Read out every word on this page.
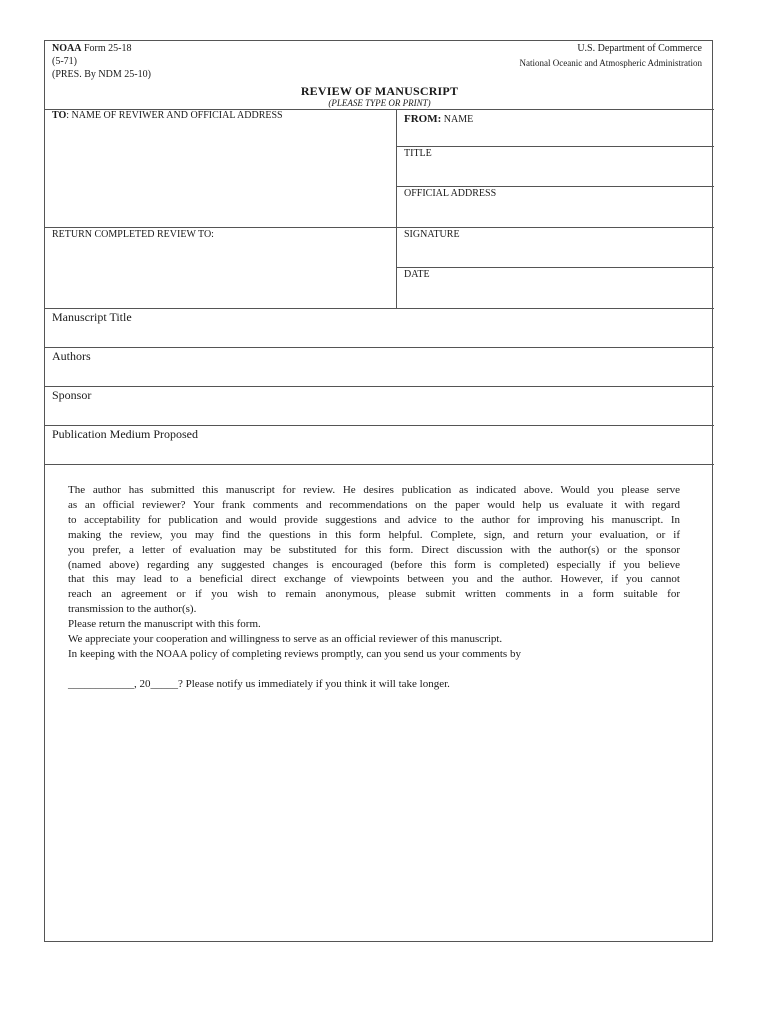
NOAA Form 25-18
(5-71)
(PRES. By NDM 25-10)
U.S. Department of Commerce
National Oceanic and Atmospheric Administration
REVIEW OF MANUSCRIPT
(PLEASE TYPE OR PRINT)
TO: NAME OF REVIWER AND OFFICIAL ADDRESS	FROM: NAME
TITLE
OFFICIAL ADDRESS
RETURN COMPLETED REVIEW TO:	SIGNATURE
DATE
Manuscript Title
Authors
Sponsor
Publication Medium Proposed

The author has submitted this manuscript for review. He desires publication as indicated above. Would you please serve

as an official reviewer? Your frank comments and recommendations on the paper would help us evaluate it with regard

to acceptability for publication and would provide suggestions and advice to the author for improving his manuscript. In

making the review, you may find the questions in this form helpful. Complete, sign, and return your evaluation, or if

you prefer, a letter of evaluation may be substituted for this form. Direct discussion with the author(s) or the sponsor

(named above) regarding any suggested changes is encouraged (before this form is completed) especially if you believe

that this may lead to a beneficial direct exchange of viewpoints between you and the author. However, if you cannot

reach an agreement or if you wish to remain anonymous, please submit written comments in a form suitable for

transmission to the author(s).

Please return the manuscript with this form.

We appreciate your cooperation and willingness to serve as an official reviewer of this manuscript.

In keeping with the NOAA policy of completing reviews promptly, can you send us your comments by

____________, 20_____? Please notify us immediately if you think it will take longer.
